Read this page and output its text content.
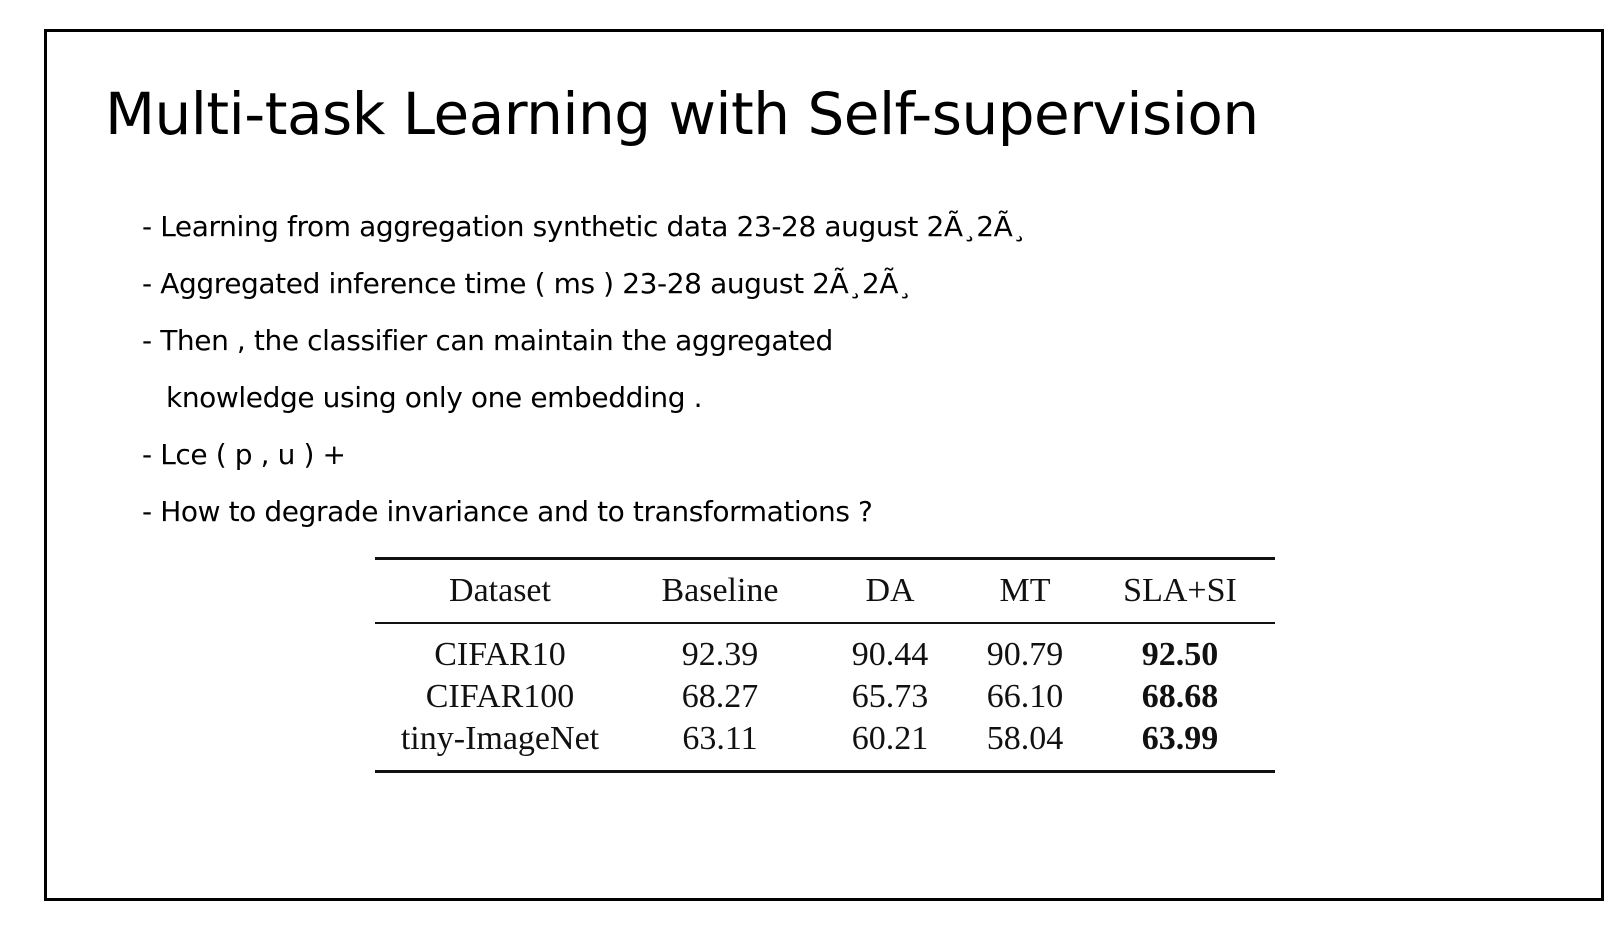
Multi-task Learning with Self-supervision
- Learning from aggregation synthetic data 23-28 august 2Ã¸2Ã¸
- Aggregated inference time ( ms ) 23-28 august 2Ã¸2Ã¸
- Then , the classifier can maintain the aggregated
knowledge using only one embedding .
- Lce ( p , u ) +
- How to degrade invariance and to transformations ?
Dataset	Baseline	DA	MT	SLA+SI
CIFAR10	92.39	90.44	90.79	92.50
CIFAR100	68.27	65.73	66.10	68.68
tiny-ImageNet	63.11	60.21	58.04	63.99
